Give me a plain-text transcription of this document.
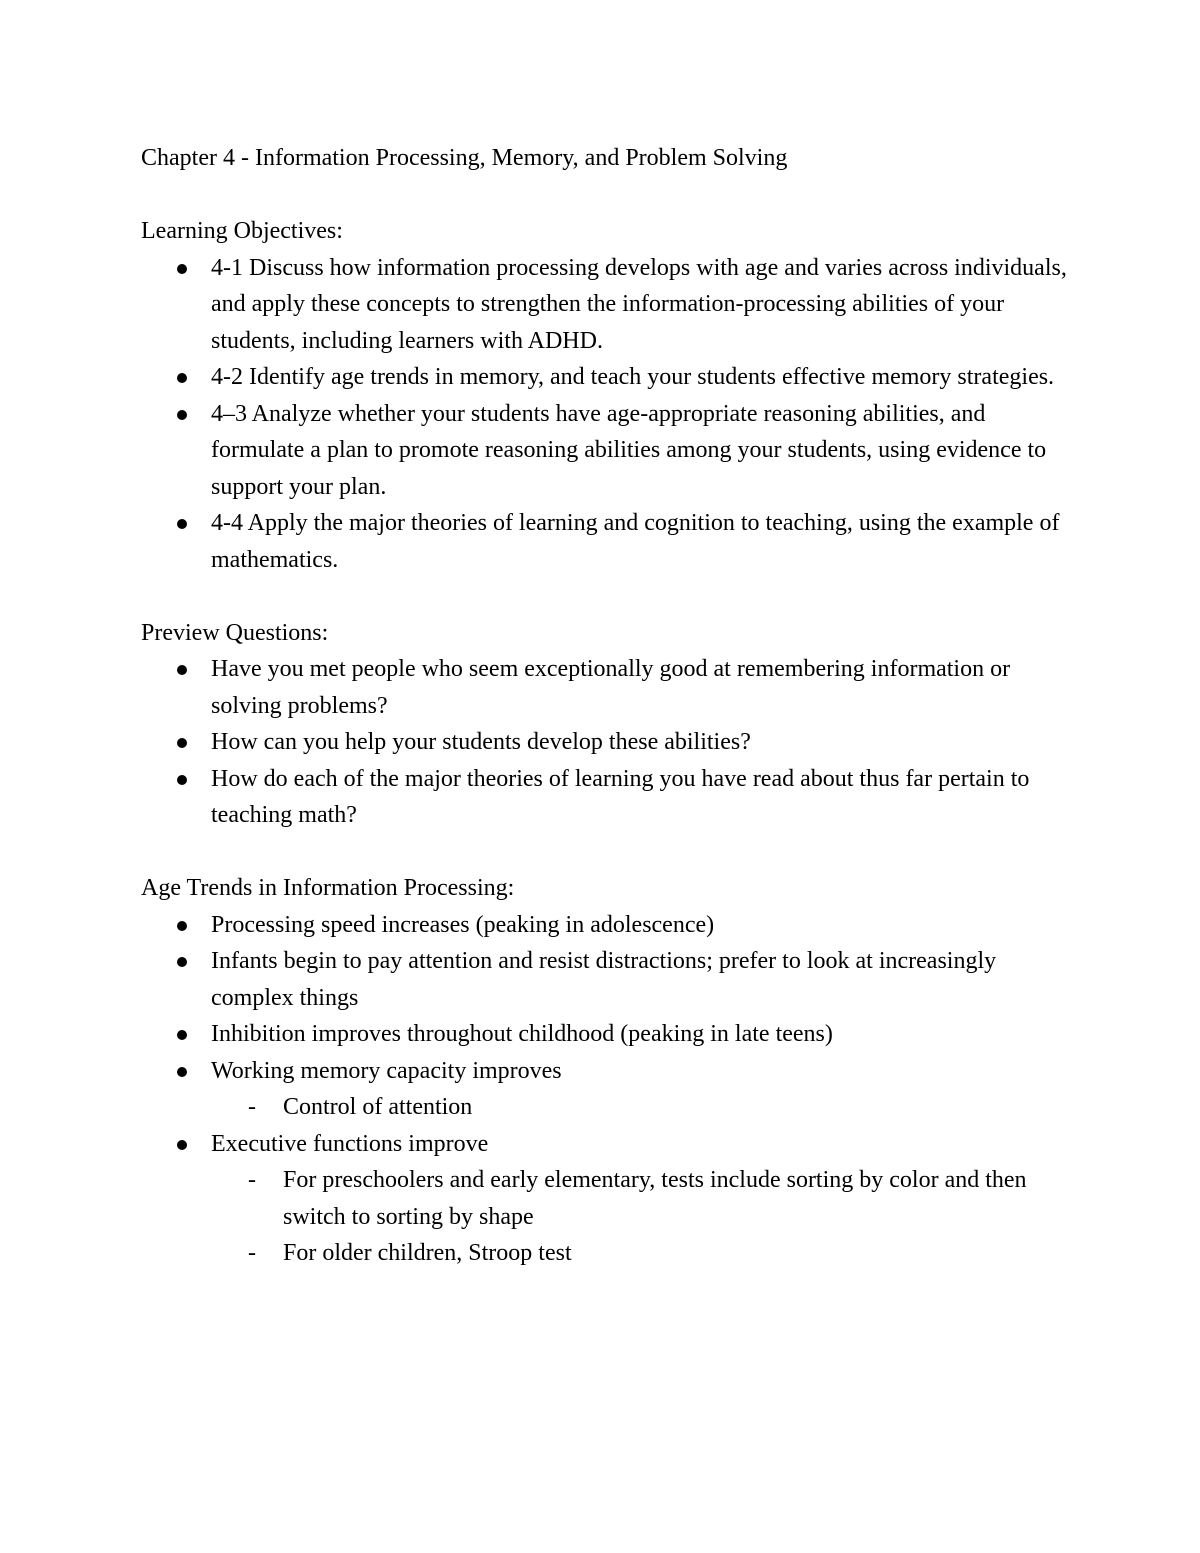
Chapter 4 - Information Processing, Memory, and Problem Solving

Learning Objectives:

4-1 Discuss how information processing develops with age and varies across individuals, and apply these concepts to strengthen the information-processing abilities of your students, including learners with ADHD.
4-2 Identify age trends in memory, and teach your students effective memory strategies.
4–3 Analyze whether your students have age-appropriate reasoning abilities, and formulate a plan to promote reasoning abilities among your students, using evidence to support your plan.
4-4 Apply the major theories of learning and cognition to teaching, using the example of mathematics.

Preview Questions:

Have you met people who seem exceptionally good at remembering information or solving problems?
How can you help your students develop these abilities?
How do each of the major theories of learning you have read about thus far pertain to teaching math?

Age Trends in Information Processing:

Processing speed increases (peaking in adolescence)
Infants begin to pay attention and resist distractions; prefer to look at increasingly complex things
Inhibition improves throughout childhood (peaking in late teens)
Working memory capacity improves
- Control of attention
Executive functions improve
- For preschoolers and early elementary, tests include sorting by color and then switch to sorting by shape
- For older children, Stroop test
